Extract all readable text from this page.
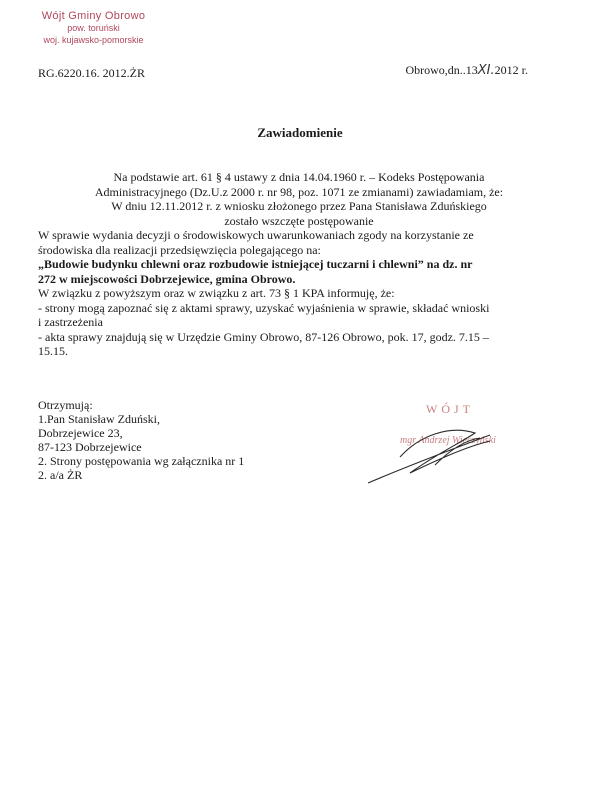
Wójt Gminy Obrowo
pow. toruński
woj. kujawsko-pomorskie
RG.6220.16. 2012.ŻR	Obrowo,dn..13XI.2012 r.
Zawiadomienie

Na podstawie art. 61 § 4 ustawy z dnia 14.04.1960 r. – Kodeks Postępowania

Administracyjnego (Dz.U.z 2000 r. nr 98, poz. 1071 ze zmianami) zawiadamiam, że:

W dniu 12.11.2012 r. z wniosku złożonego przez Pana Stanisława Zduńskiego

zostało wszczęte postępowanie

W sprawie wydania decyzji o środowiskowych uwarunkowaniach zgody na korzystanie ze

środowiska dla realizacji przedsięwzięcia polegającego na:

„Budowie budynku chlewni oraz rozbudowie istniejącej tuczarni i chlewni” na dz. nr

272 w miejscowości Dobrzejewice, gmina Obrowo.

W związku z powyższym oraz w związku z art. 73 § 1 KPA informuję, że:

- strony mogą zapoznać się z aktami sprawy, uzyskać wyjaśnienia w sprawie, składać wnioski

i zastrzeżenia

- akta sprawy znajdują się w Urzędzie Gminy Obrowo, 87-126 Obrowo, pok. 17, godz. 7.15 –

15.15.

Otrzymują:
1.Pan Stanisław Zduński,
Dobrzejewice 23,
87-123 Dobrzejewice
2. Strony postępowania wg załącznika nr 1
2. a/a ŻR
WÓJT
mgr Andrzej Wieczyński
